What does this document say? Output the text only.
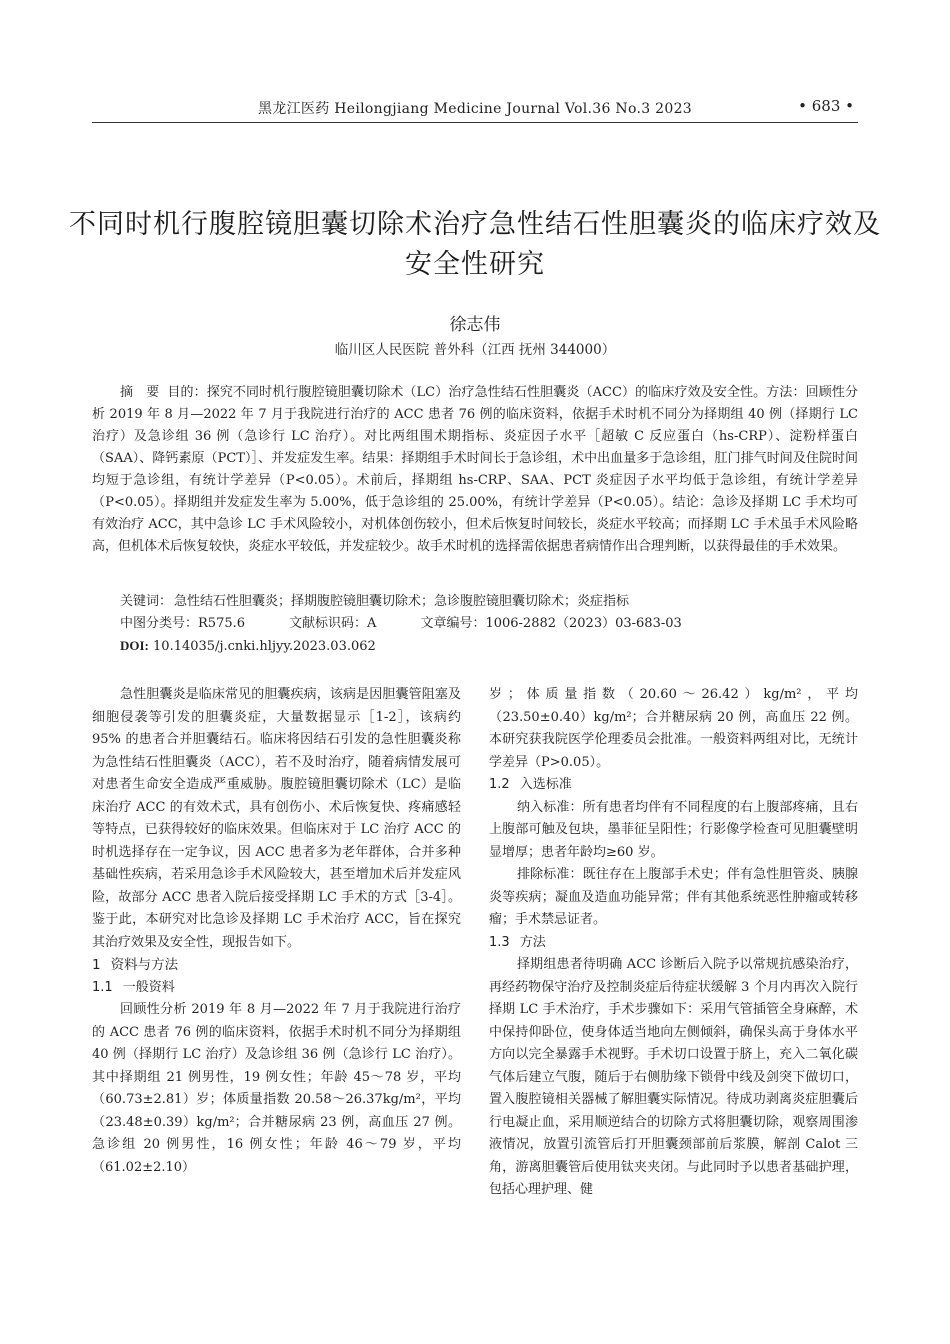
黑龙江医药 Heilongjiang Medicine Journal Vol.36 No.3 2023	• 683 •
不同时机行腹腔镜胆囊切除术治疗急性结石性胆囊炎的临床疗效及安全性研究
徐志伟
临川区人民医院 普外科（江西 抚州 344000）

摘　要 目的：探究不同时机行腹腔镜胆囊切除术（LC）治疗急性结石性胆囊炎（ACC）的临床疗效及安全性。方法：回顾性分析 2019 年 8 月—2022 年 7 月于我院进行治疗的 ACC 患者 76 例的临床资料，依据手术时机不同分为择期组 40 例（择期行 LC 治疗）及急诊组 36 例（急诊行 LC 治疗）。对比两组围术期指标、炎症因子水平［超敏 C 反应蛋白（hs-CRP）、淀粉样蛋白（SAA）、降钙素原（PCT）］、并发症发生率。结果：择期组手术时间长于急诊组，术中出血量多于急诊组，肛门排气时间及住院时间均短于急诊组，有统计学差异（P<0.05）。术前后，择期组 hs-CRP、SAA、PCT 炎症因子水平均低于急诊组，有统计学差异（P<0.05）。择期组并发症发生率为 5.00%，低于急诊组的 25.00%，有统计学差异（P<0.05）。结论：急诊及择期 LC 手术均可有效治疗 ACC，其中急诊 LC 手术风险较小，对机体创伤较小，但术后恢复时间较长，炎症水平较高；而择期 LC 手术虽手术风险略高，但机体术后恢复较快，炎症水平较低，并发症较少。故手术时机的选择需依据患者病情作出合理判断，以获得最佳的手术效果。

关键词： 急性结石性胆囊炎；择期腹腔镜胆囊切除术；急诊腹腔镜胆囊切除术；炎症指标
中图分类号：R575.6	文献标识码：A	文章编号：1006-2882（2023）03-683-03
DOI: 10.14035/j.cnki.hljyy.2023.03.062

急性胆囊炎是临床常见的胆囊疾病，该病是因胆囊管阻塞及细胞侵袭等引发的胆囊炎症，大量数据显示［1-2］，该病约 95% 的患者合并胆囊结石。临床将因结石引发的急性胆囊炎称为急性结石性胆囊炎（ACC），若不及时治疗，随着病情发展可对患者生命安全造成严重威胁。腹腔镜胆囊切除术（LC）是临床治疗 ACC 的有效术式，具有创伤小、术后恢复快、疼痛感轻等特点，已获得较好的临床效果。但临床对于 LC 治疗 ACC 的时机选择存在一定争议，因 ACC 患者多为老年群体，合并多种基础性疾病，若采用急诊手术风险较大，甚至增加术后并发症风险，故部分 ACC 患者入院后接受择期 LC 手术的方式［3-4］。鉴于此，本研究对比急诊及择期 LC 手术治疗 ACC，旨在探究其治疗效果及安全性，现报告如下。

1 资料与方法
1.1 一般资料

回顾性分析 2019 年 8 月—2022 年 7 月于我院进行治疗的 ACC 患者 76 例的临床资料，依据手术时机不同分为择期组 40 例（择期行 LC 治疗）及急诊组 36 例（急诊行 LC 治疗）。其中择期组 21 例男性，19 例女性；年龄 45～78 岁，平均（60.73±2.81）岁；体质量指数 20.58～26.37kg/m²，平均（23.48±0.39）kg/m²；合并糖尿病 23 例，高血压 27 例。急诊组 20 例男性，16 例女性；年龄 46～79 岁，平均（61.02±2.10）

岁；体质量指数（20.60～26.42）kg/m²，平均（23.50±0.40）kg/m²；合并糖尿病 20 例，高血压 22 例。本研究获我院医学伦理委员会批准。一般资料两组对比，无统计学差异（P>0.05）。

1.2 入选标准

纳入标准：所有患者均伴有不同程度的右上腹部疼痛，且右上腹部可触及包块，墨菲征呈阳性；行影像学检查可见胆囊壁明显增厚；患者年龄均≥60 岁。

排除标准：既往存在上腹部手术史；伴有急性胆管炎、胰腺炎等疾病；凝血及造血功能异常；伴有其他系统恶性肿瘤或转移瘤；手术禁忌证者。

1.3 方法

择期组患者待明确 ACC 诊断后入院予以常规抗感染治疗，再经药物保守治疗及控制炎症后待症状缓解 3 个月内再次入院行择期 LC 手术治疗，手术步骤如下：采用气管插管全身麻醉，术中保持仰卧位，使身体适当地向左侧倾斜，确保头高于身体水平方向以完全暴露手术视野。手术切口设置于脐上，充入二氧化碳气体后建立气腹，随后于右侧肋缘下锁骨中线及剑突下做切口，置入腹腔镜相关器械了解胆囊实际情况。待成功剥离炎症胆囊后行电凝止血，采用顺逆结合的切除方式将胆囊切除，观察周围渗液情况，放置引流管后打开胆囊颈部前后浆膜，解剖 Calot 三角，游离胆囊管后使用钛夹夹闭。与此同时予以患者基础护理，包括心理护理、健
